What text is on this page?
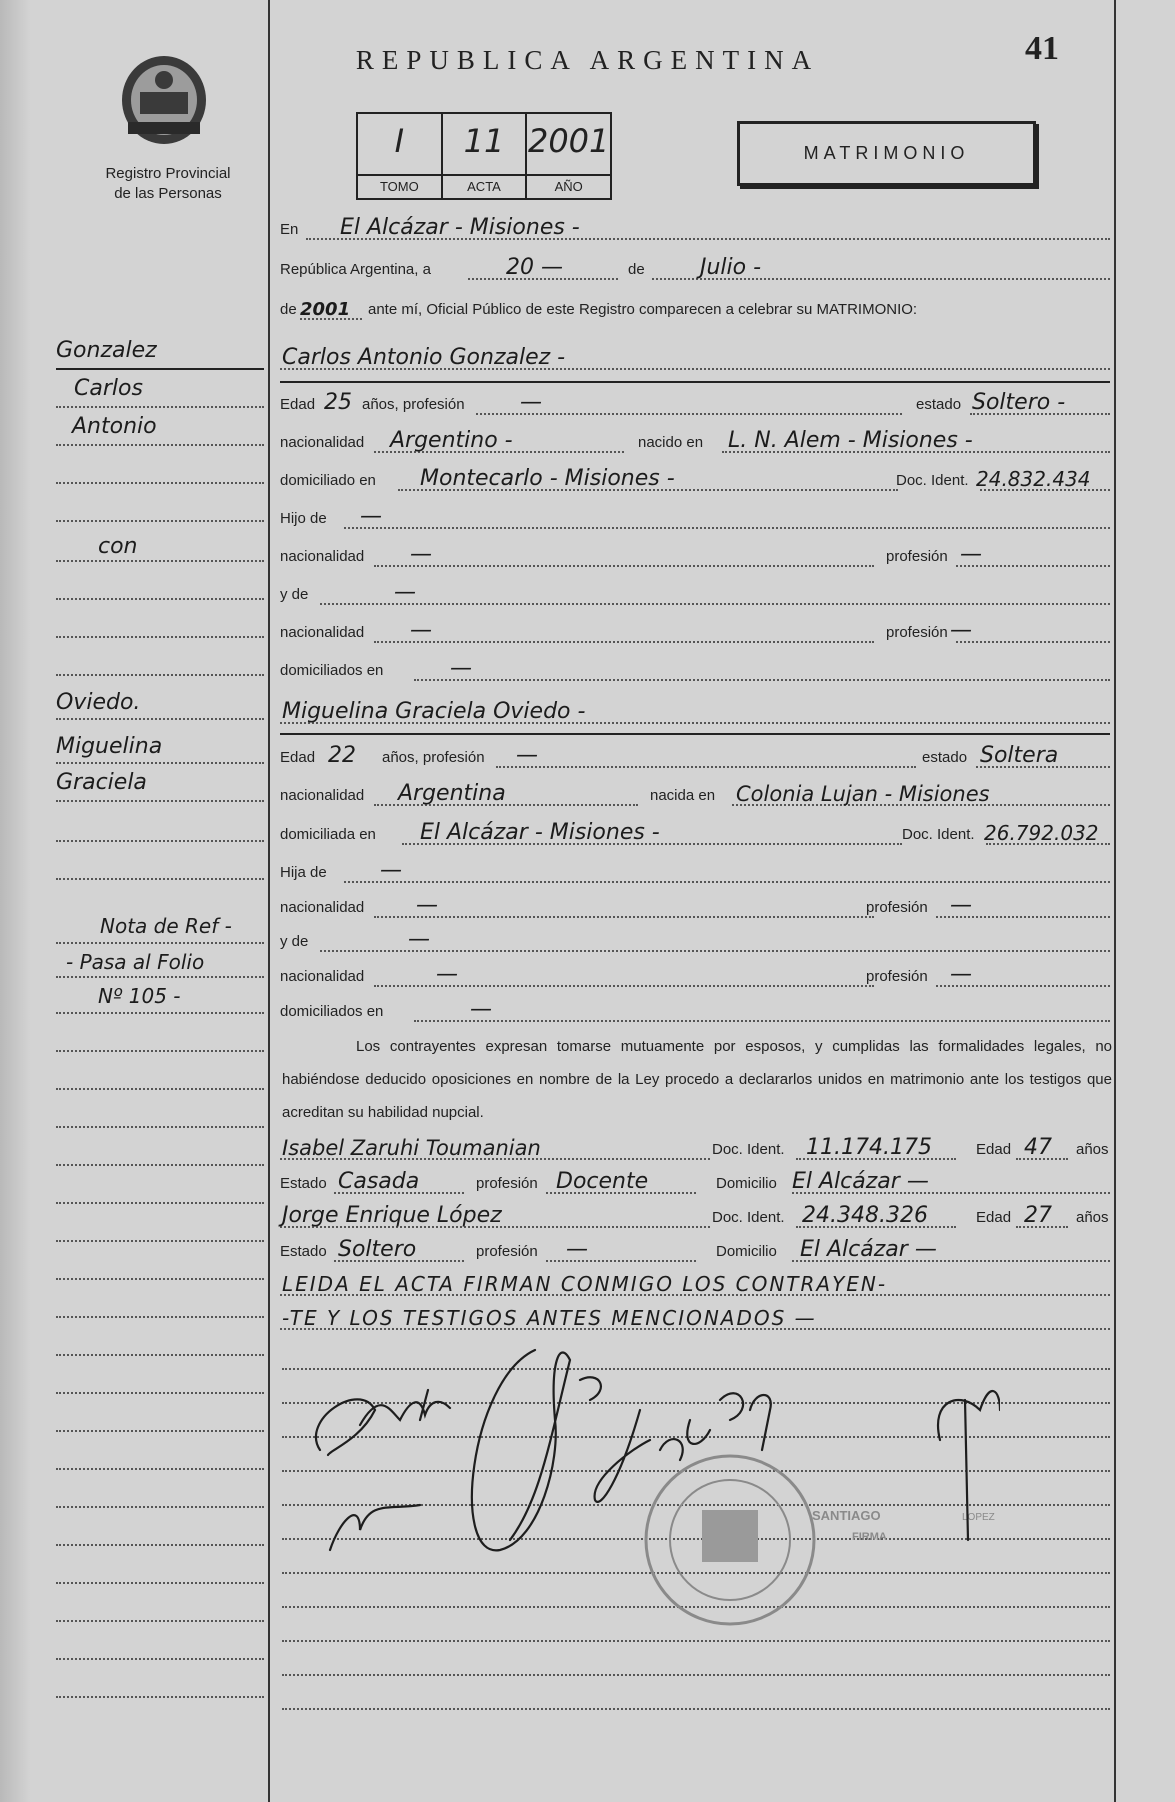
REPUBLICA ARGENTINA	41
Registro Provincial
de las Personas
I
TOMO
11
ACTA
2001
AÑO
MATRIMONIO
En El Alcázar - Misiones -
República Argentina, a	20 —	de	Julio -
de 2001 ante mí, Oficial Público de este Registro comparecen a celebrar su MATRIMONIO:
Carlos Antonio Gonzalez -
Edad 25 años, profesión	—	estado Soltero -
nacionalidad Argentino -	nacido en L. N. Alem - Misiones -
domiciliado en Montecarlo - Misiones -	Doc. Ident. 24.832.434
Hijo de —
nacionalidad —	profesión —
y de	—
nacionalidad —	profesión —
domiciliados en	—
Miguelina Graciela Oviedo -
Edad 22 años, profesión —	estado Soltera
nacionalidad Argentina	nacida en Colonia Lujan - Misiones
domiciliada en El Alcázar - Misiones -	Doc. Ident. 26.792.032
Hija de —
nacionalidad —	profesión —
y de	—
nacionalidad	—	profesión —
domiciliados en	—
Los contrayentes expresan tomarse mutuamente por esposos, y cumplidas las formalidades legales, no habiéndose deducido oposiciones en nombre de la Ley procedo a declararlos unidos en matrimonio ante los testigos que acreditan su habilidad nupcial.
Isabel Zaruhi Toumanian	Doc. Ident. 11.174.175	Edad 47 años
Estado Casada	profesión Docente	Domicilio El Alcázar —
Jorge Enrique López	Doc. Ident. 24.348.326	Edad 27 años
Estado Soltero	profesión —	Domicilio El Alcázar —
LEIDA EL ACTA FIRMAN CONMIGO LOS CONTRAYEN-
-TE Y LOS TESTIGOS ANTES MENCIONADOS —
Gonzalez
Carlos
Antonio
con
Oviedo.
Miguelina
Graciela
Nota de Ref -
- Pasa al Folio
Nº 105 -
SANTIAGO	LOPEZ
FIRMA
